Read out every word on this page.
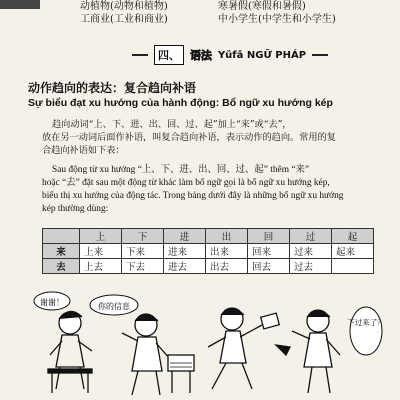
动植物(动物和植物)	寒暑假(寒假和暑假)
工商业(工业和商业)	中小学生(中学生和小学生)
四、 语法 Yǔfǎ NGỮ PHÁP
动作趋向的表达：复合趋向补语
Sự biểu đạt xu hướng của hành động: Bổ ngữ xu hướng kép
趋向动词“上、下、进、出、回、过、起”加上“来”或“去”，
放在另一动词后面作补语，叫复合趋向补语，表示动作的趋向。常用的复
合趋向补语如下表：
Sau động từ xu hướng “上、下、进、出、回、过、起” thêm “来”
hoặc “去” đặt sau một động từ khác làm bổ ngữ gọi là bổ ngữ xu hướng kép,
biểu thị xu hướng của động tác. Trong bảng dưới đây là những bổ ngữ xu hướng
kép thường dùng:
	上	下	进	出	回	过	起
来	上来	下来	进来	出来	回来	过来	起来
去	上去	下去	进去	出去	回去	过去	
谢谢！	你的信息
下过来了？
